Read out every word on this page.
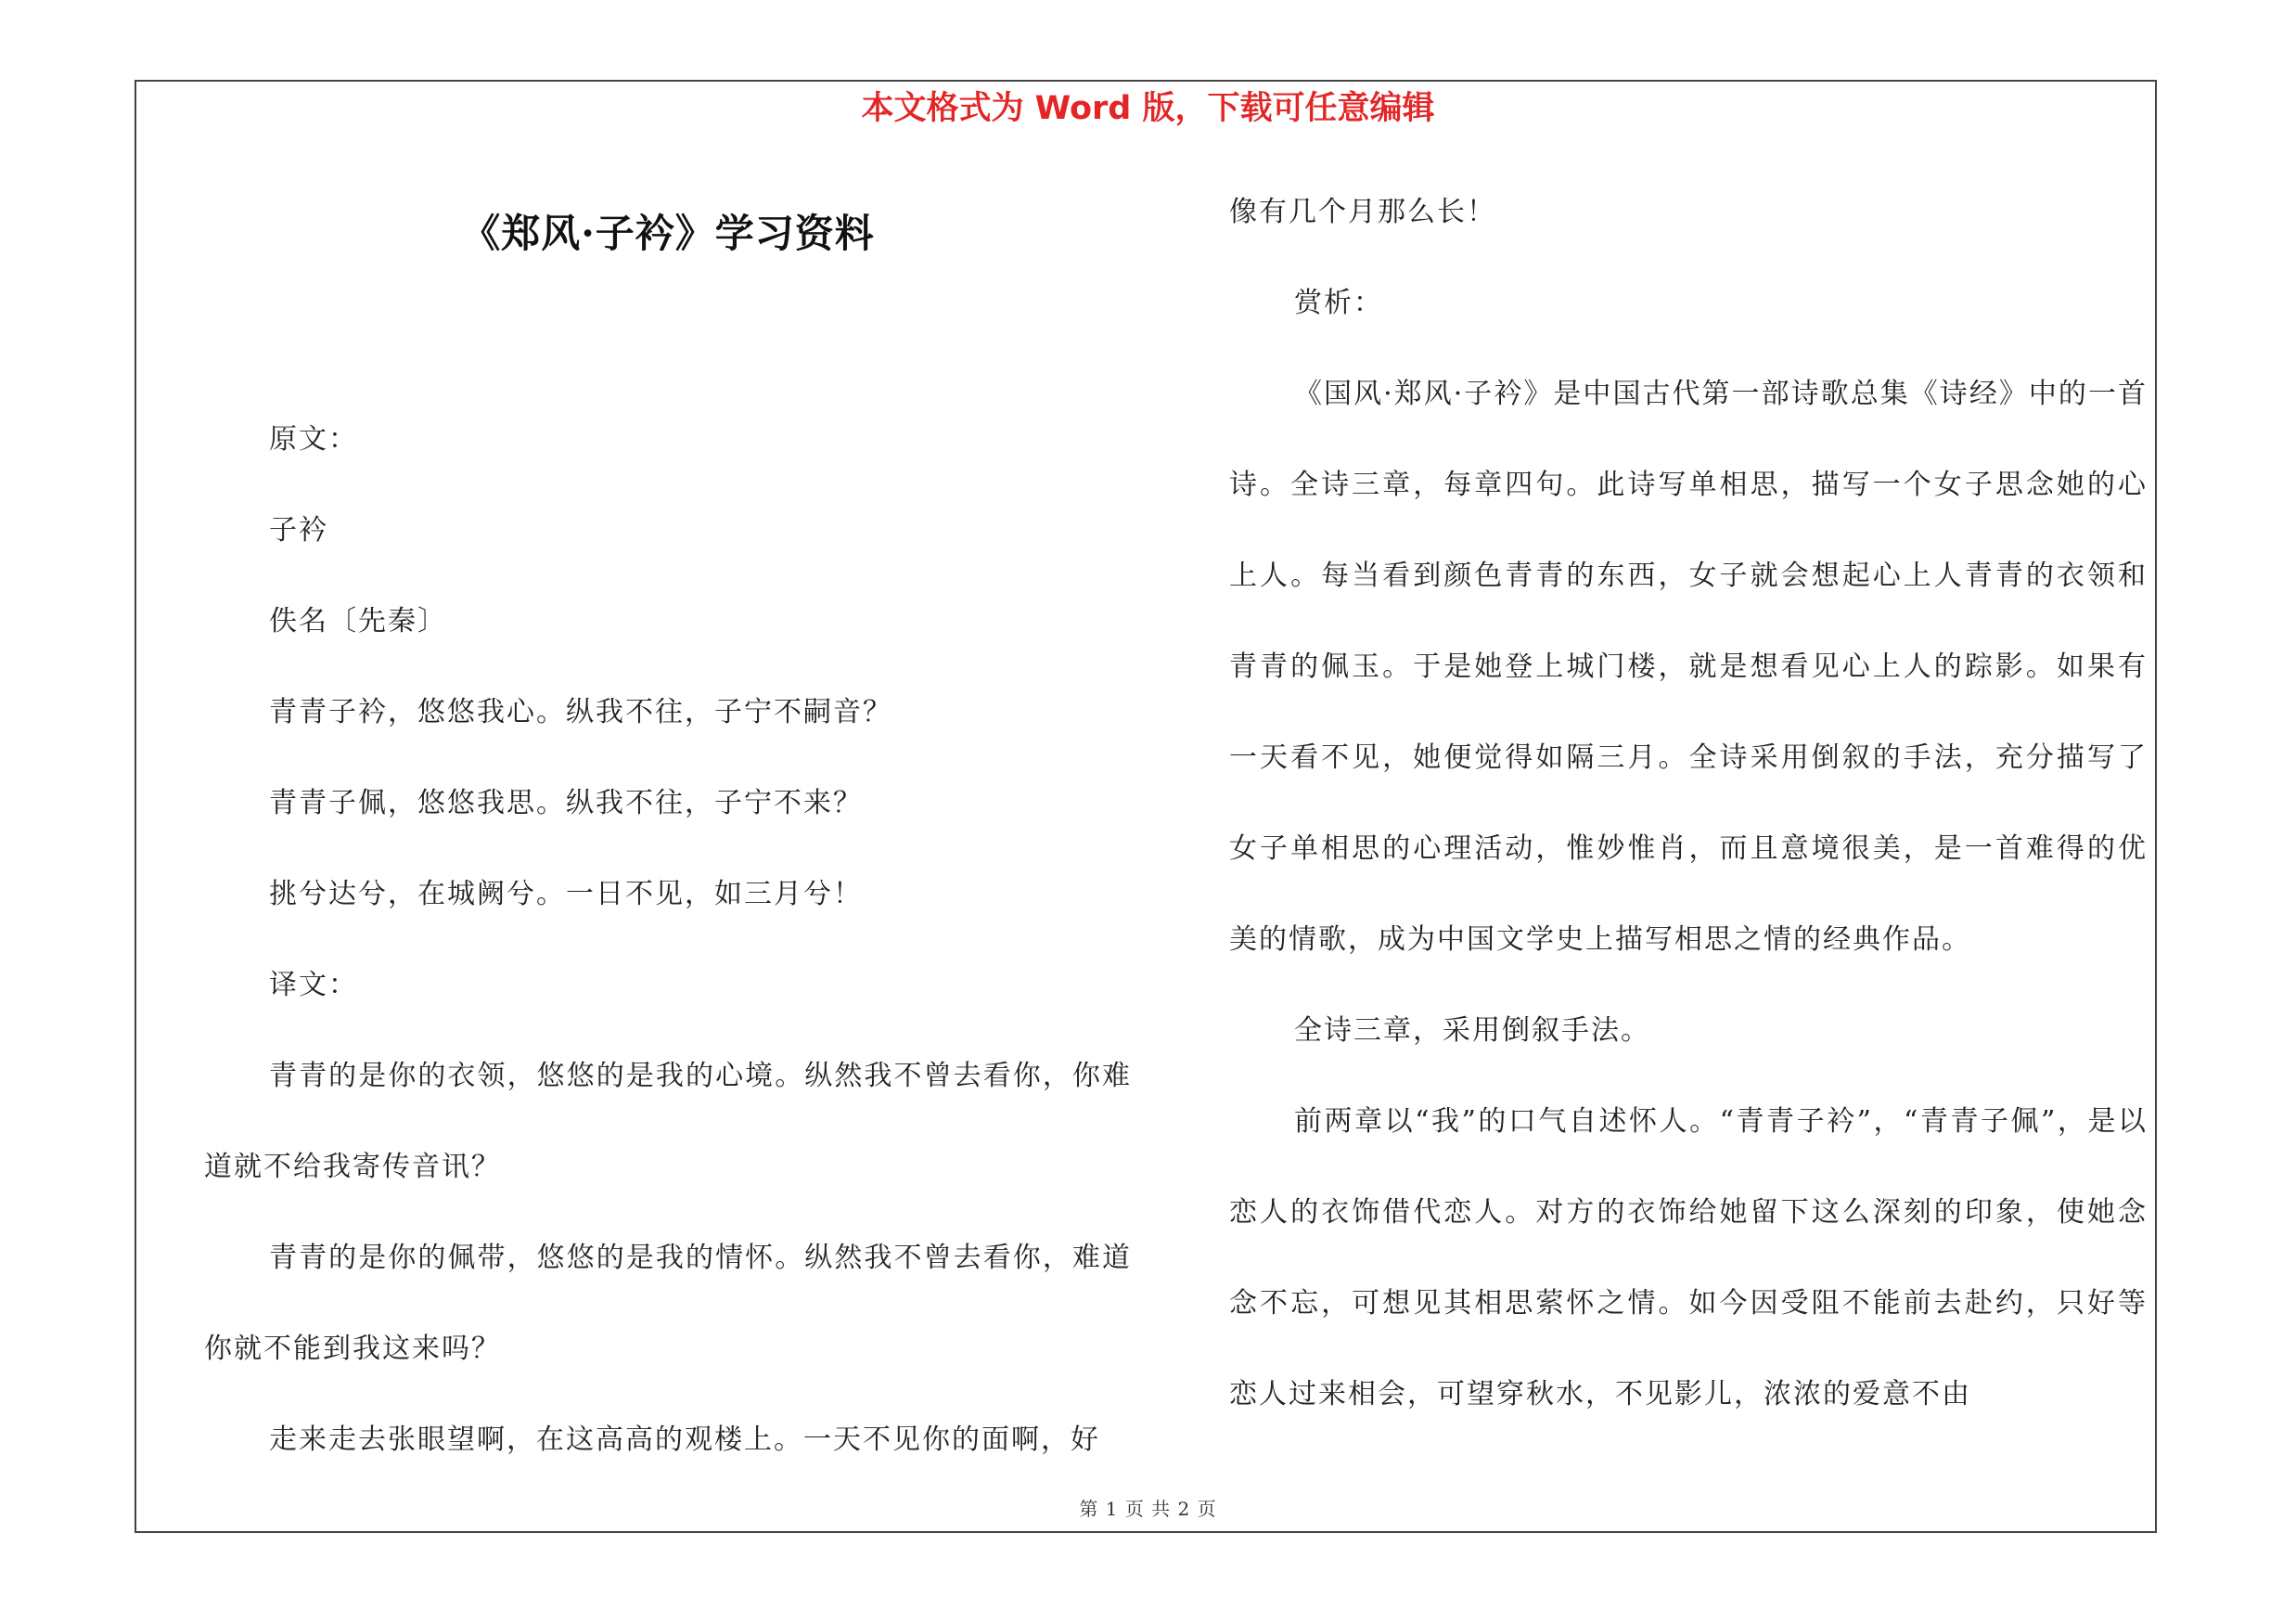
本文格式为 Word 版，下载可任意编辑
《郑风·子衿》学习资料

原文：

子衿

佚名〔先秦〕

青青子衿，悠悠我心。纵我不往，子宁不嗣音？

青青子佩，悠悠我思。纵我不往，子宁不来？

挑兮达兮，在城阙兮。一日不见，如三月兮！

译文：

青青的是你的衣领，悠悠的是我的心境。纵然我不曾去看你，你难道就不给我寄传音讯？

青青的是你的佩带，悠悠的是我的情怀。纵然我不曾去看你，难道你就不能到我这来吗？

走来走去张眼望啊，在这高高的观楼上。一天不见你的面啊，好

像有几个月那么长！

赏析：

《国风·郑风·子衿》是中国古代第一部诗歌总集《诗经》中的一首诗。全诗三章，每章四句。此诗写单相思，描写一个女子思念她的心上人。每当看到颜色青青的东西，女子就会想起心上人青青的衣领和青青的佩玉。于是她登上城门楼，就是想看见心上人的踪影。如果有一天看不见，她便觉得如隔三月。全诗采用倒叙的手法，充分描写了女子单相思的心理活动，惟妙惟肖，而且意境很美，是一首难得的优美的情歌，成为中国文学史上描写相思之情的经典作品。

全诗三章，采用倒叙手法。

前两章以“我”的口气自述怀人。“青青子衿”，“青青子佩”，是以恋人的衣饰借代恋人。对方的衣饰给她留下这么深刻的印象，使她念念不忘，可想见其相思萦怀之情。如今因受阻不能前去赴约，只好等恋人过来相会，可望穿秋水，不见影儿，浓浓的爱意不由

第 1 页 共 2 页
